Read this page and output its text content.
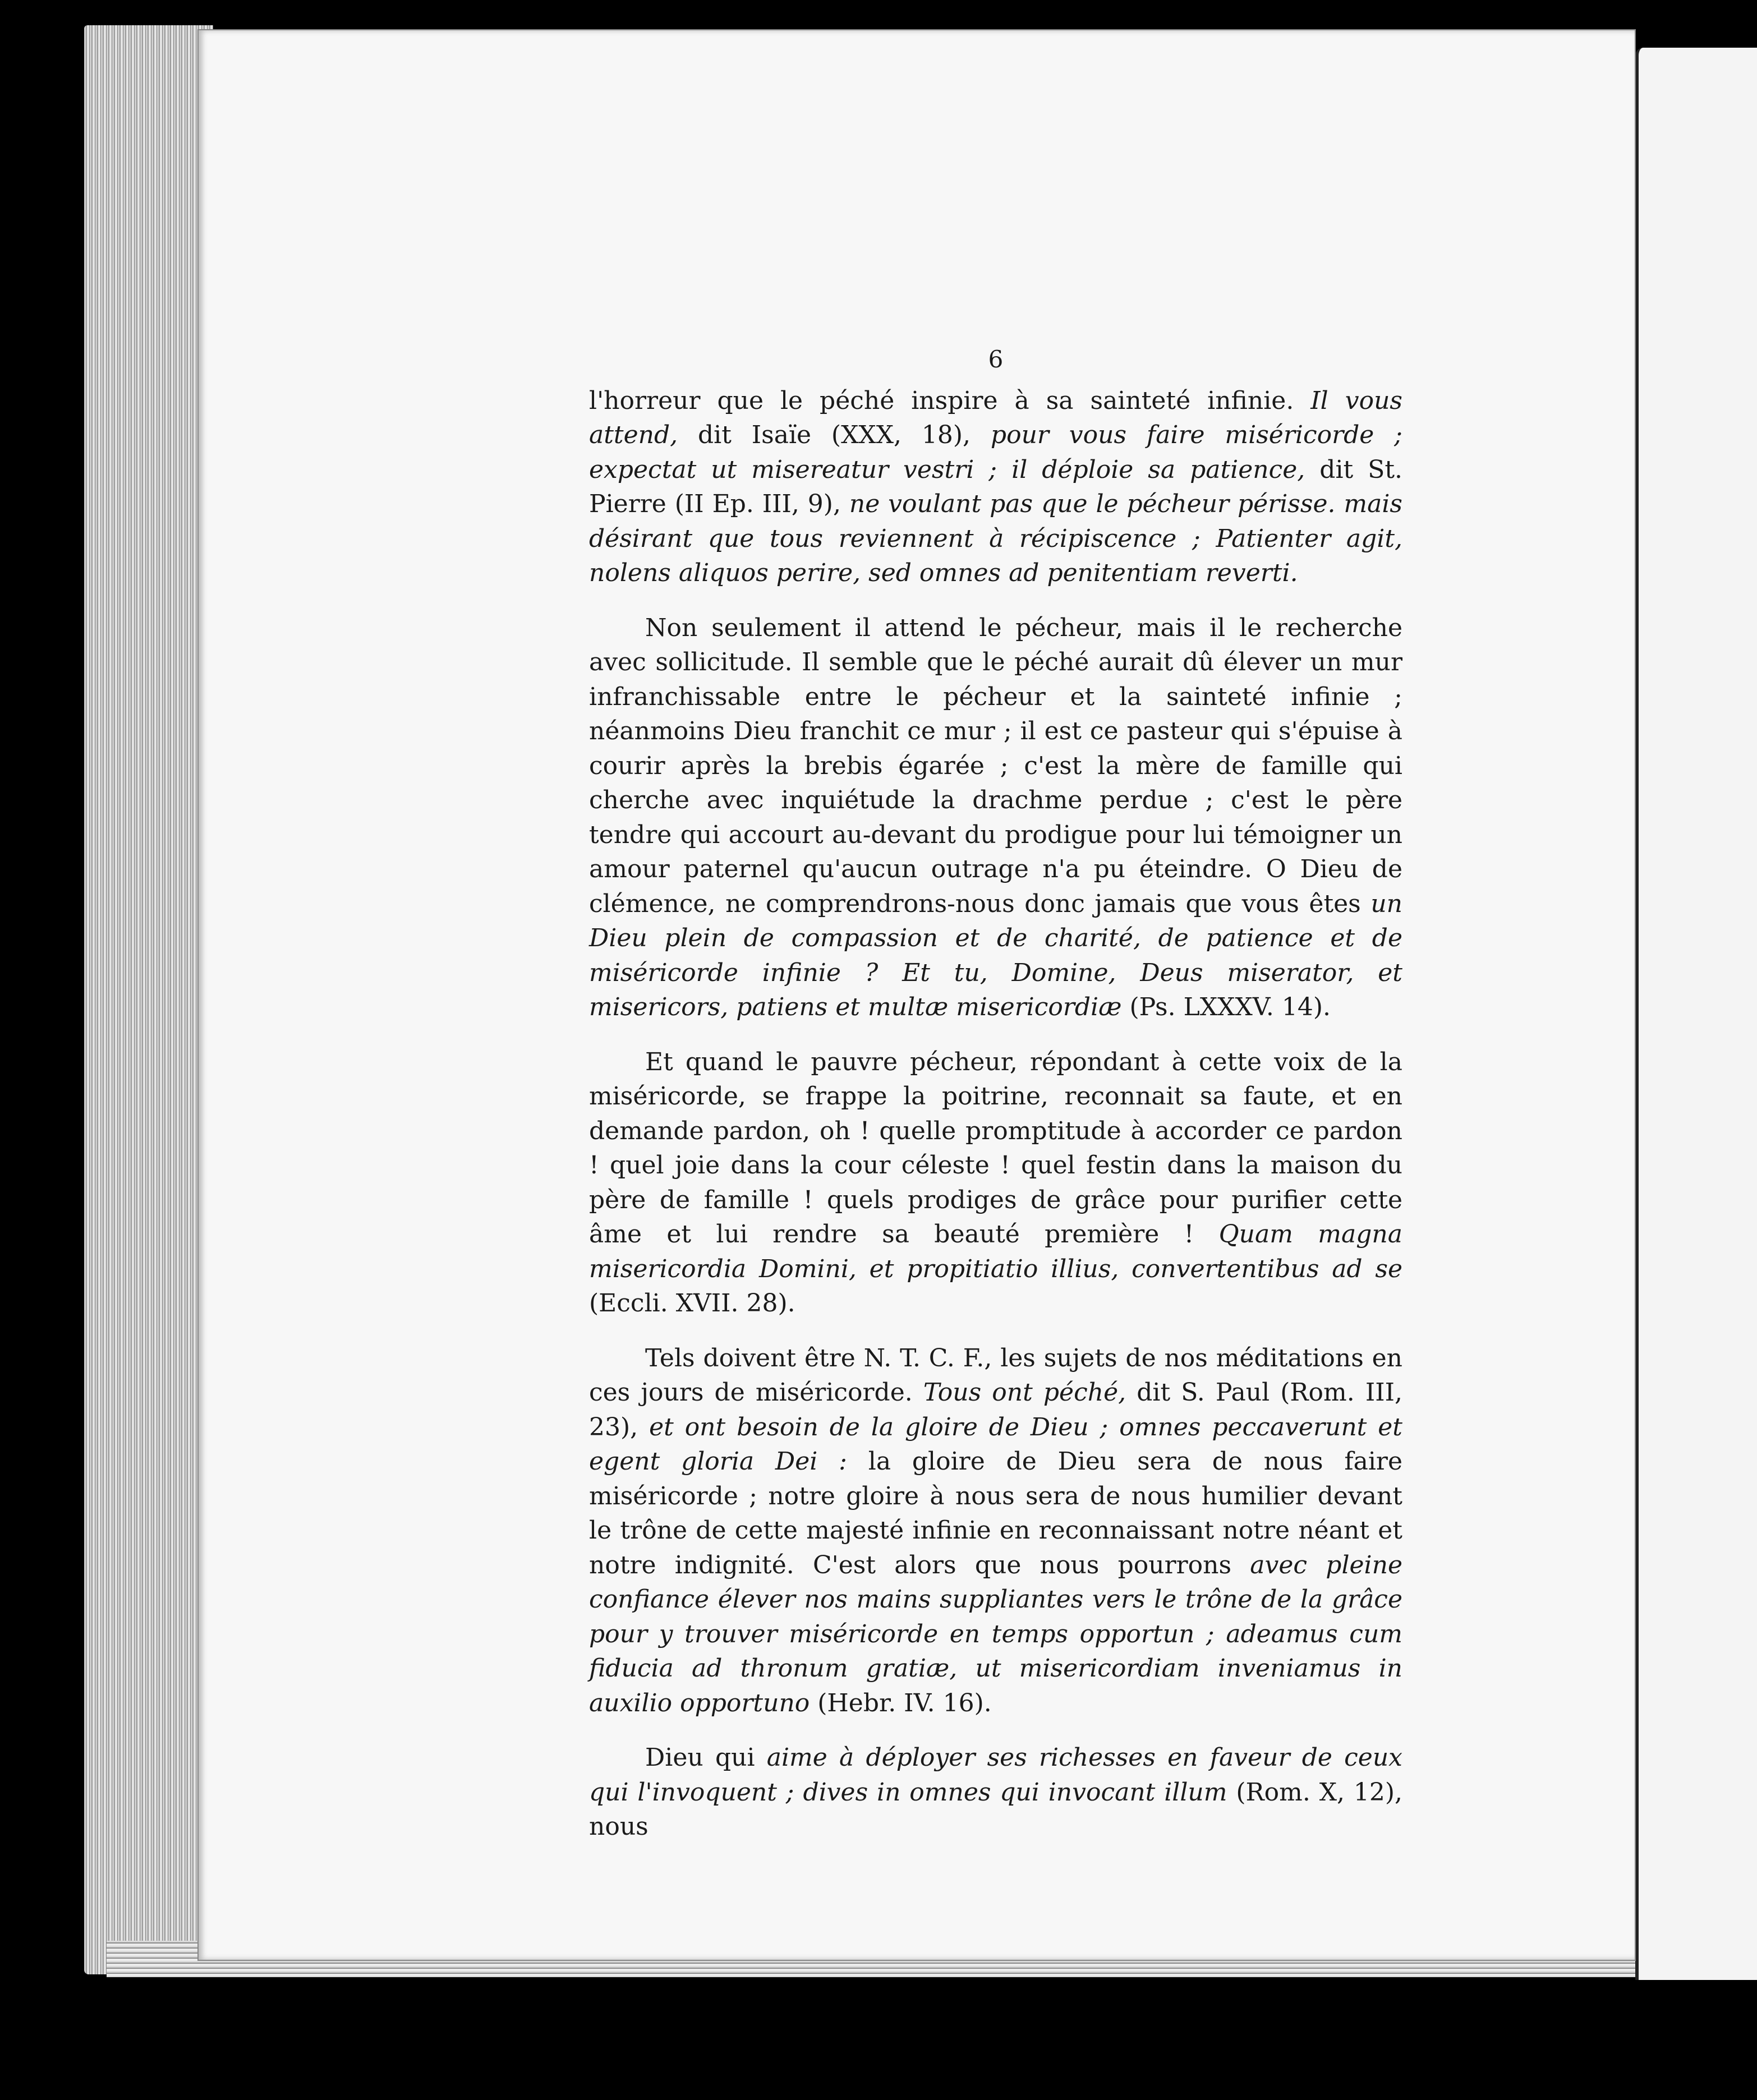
6

l'horreur que le péché inspire à sa sainteté infinie. Il vous attend, dit Isaïe (XXX, 18), pour vous faire miséricorde ; expectat ut misereatur vestri ; il déploie sa patience, dit St. Pierre (II Ep. III, 9), ne voulant pas que le pécheur périsse. mais désirant que tous reviennent à récipiscence ; Patienter agit, nolens aliquos perire, sed omnes ad penitentiam reverti.

Non seulement il attend le pécheur, mais il le recherche avec sollicitude. Il semble que le péché aurait dû élever un mur infranchissable entre le pécheur et la sainteté infinie ; néanmoins Dieu franchit ce mur ; il est ce pasteur qui s'épuise à courir après la brebis égarée ; c'est la mère de famille qui cherche avec inquiétude la drachme perdue ; c'est le père tendre qui accourt au-devant du prodigue pour lui témoigner un amour paternel qu'aucun outrage n'a pu éteindre. O Dieu de clémence, ne comprendrons-nous donc jamais que vous êtes un Dieu plein de compassion et de charité, de patience et de miséricorde infinie ? Et tu, Domine, Deus miserator, et misericors, patiens et multæ misericordiæ (Ps. LXXXV. 14).

Et quand le pauvre pécheur, répondant à cette voix de la miséricorde, se frappe la poitrine, reconnait sa faute, et en demande pardon, oh ! quelle promptitude à accorder ce pardon ! quel joie dans la cour céleste ! quel festin dans la maison du père de famille ! quels prodiges de grâce pour purifier cette âme et lui rendre sa beauté première ! Quam magna misericordia Domini, et propitiatio illius, convertentibus ad se (Eccli. XVII. 28).

Tels doivent être N. T. C. F., les sujets de nos méditations en ces jours de miséricorde. Tous ont péché, dit S. Paul (Rom. III, 23), et ont besoin de la gloire de Dieu ; omnes peccaverunt et egent gloria Dei : la gloire de Dieu sera de nous faire miséricorde ; notre gloire à nous sera de nous humilier devant le trône de cette majesté infinie en reconnaissant notre néant et notre indignité. C'est alors que nous pourrons avec pleine confiance élever nos mains suppliantes vers le trône de la grâce pour y trouver miséricorde en temps opportun ; adeamus cum fiducia ad thronum gratiæ, ut misericordiam inveniamus in auxilio opportuno (Hebr. IV. 16).

Dieu qui aime à déployer ses richesses en faveur de ceux qui l'invoquent ; dives in omnes qui invocant illum (Rom. X, 12), nous
